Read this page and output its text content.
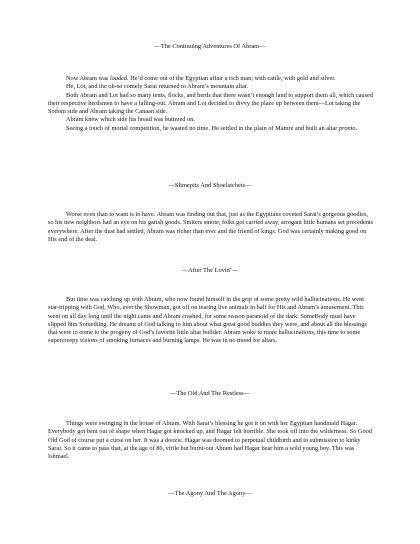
—The Continuing Adventures Of Abram—

Now Abram was loaded. He’d come out of the Egyptian affair a rich man; with cattle, with gold and silver.

He, Lot, and the oh-so comely Sarai returned to Abram’s mountain altar.

Both Abram and Lot had so many tents, flocks, and herds that there wasn’t enough land to support them all, which caused their respective herdsmen to have a falling-out. Abram and Lot decided to divvy the place up between them—Lot taking the Sodom side and Abram taking the Canaan side.

Abram knew which side his bread was buttered on.

Seeing a touch of mortal competition, he wasted no time. He settled in the plain of Mamre and built an altar pronto.

—Slimepits And Shoelatchets—

Worse even than to want is to have. Abram was finding out that, just as the Egyptians coveted Sarai’s gorgeous goodies, so his new neighbors had an eye on his garish goods. Smiters smote, folks got carried away, arrogant little humans set precedents everywhere. After the dust had settled, Abram was richer than ever and the friend of kings. God was certainly making good on His end of the deal.

—After The Lovin’—

But time was catching up with Abram, who now found himself in the grip of some pretty wild hallucinations. He went star-tripping with God, Who, ever the Showman, got off on tearing live animals in half for His and Abram’s amusement. This went on all day long until the night came and Abram crashed, for some reason paranoid of the dark. SomeBody must have slipped him Something. He dreamt of God talking to him about what great good buddies they were, and about all the blessings that were to come to the progeny of God’s favorite little altar builder. Abram woke to more hallucinations, this time to some supercreepy visions of smoking furnaces and burning lamps. He was in no mood for altars.

—The Old And The Restless—

Things were swinging in the house of Abram. With Sarai’s blessing he got it on with her Egyptian handmaid Hagar. Everybody got bent out of shape when Hagar got knocked up, and Hagar felt horrible. She took off into the wilderness. So Good Old God of course put a curse on her. It was a doozie. Hagar was doomed to perpetual childbirth and to submission to kinky Sarai. So it came to pass that, at the age of 86, virile but burnt-out Abram had Hagar bear him a wild young boy. This was Ishmael.

—The Agony And The Agony—
